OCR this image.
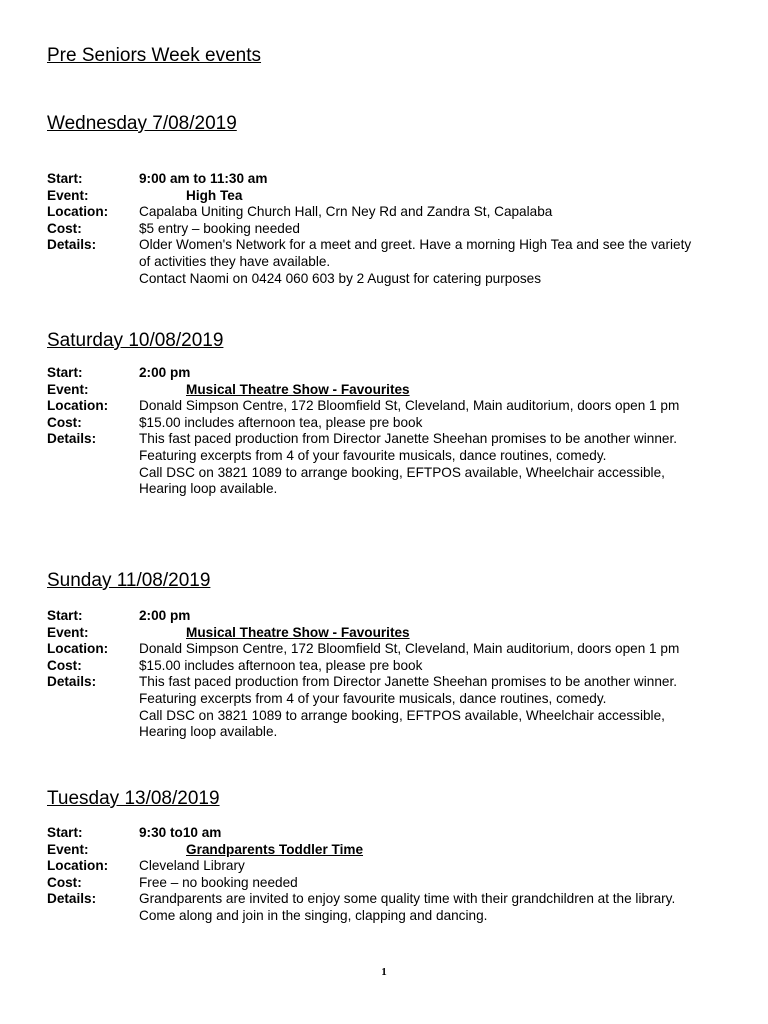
Pre Seniors Week events
Wednesday 7/08/2019
Start:	9:00 am to 11:30 am
Event:	High Tea
Location:	Capalaba Uniting Church Hall, Crn Ney Rd and Zandra St, Capalaba
Cost:	$5 entry – booking needed
Details:	Older Women's Network for a meet and greet. Have a morning High Tea and see the variety
of activities they have available.
Contact Naomi on 0424 060 603 by 2 August for catering purposes
Saturday 10/08/2019
Start:	2:00 pm
Event:	Musical Theatre Show - Favourites
Location:	Donald Simpson Centre, 172 Bloomfield St, Cleveland, Main auditorium, doors open 1 pm
Cost:	$15.00 includes afternoon tea, please pre book
Details:	This fast paced production from Director Janette Sheehan promises to be another winner.
Featuring excerpts from 4 of your favourite musicals, dance routines, comedy.
Call DSC on 3821 1089 to arrange booking, EFTPOS available, Wheelchair accessible,
Hearing loop available.
Sunday 11/08/2019
Start:	2:00 pm
Event:	Musical Theatre Show - Favourites
Location:	Donald Simpson Centre, 172 Bloomfield St, Cleveland, Main auditorium, doors open 1 pm
Cost:	$15.00 includes afternoon tea, please pre book
Details:	This fast paced production from Director Janette Sheehan promises to be another winner.
Featuring excerpts from 4 of your favourite musicals, dance routines, comedy.
Call DSC on 3821 1089 to arrange booking, EFTPOS available, Wheelchair accessible,
Hearing loop available.
Tuesday 13/08/2019
Start:	9:30 to10 am
Event:	Grandparents Toddler Time
Location:	Cleveland Library
Cost:	Free – no booking needed
Details:	Grandparents are invited to enjoy some quality time with their grandchildren at the library.
Come along and join in the singing, clapping and dancing.
1
